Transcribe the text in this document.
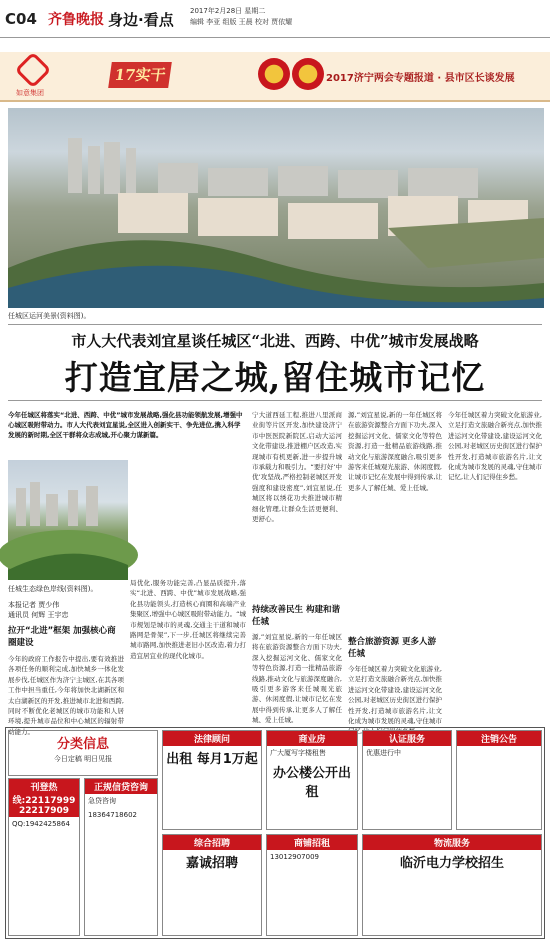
C04 齐鲁晚报 身边·看点 2017年2月28日 星期二
编辑 李亚 组版 王晨 校对 贾依耀
如意集团
17实干	2017济宁两会专题报道 · 县市区长谈发展
任城区运河美景(资料图)。
市人大代表刘宜星谈任城区“北进、西跨、中优”城市发展战略
打造宜居之城,留住城市记忆
今年任城区将落实“北进、西跨、中优”城市发展战略,强化县功能领航发展,增强中心城区吸附带动力。市人大代表刘宜星说,全区进入创新实干、争先进位,携入科学发展的新时期,全区干群将众志成城,开心聚力谋新篇。
任城生态绿色岸线(资料图)。
本报记者 贾少伟
通讯员 何辉 王宇忠
拉开“北进”框架 加强核心商圈建设
今年的政府工作报告中提出,要有效推进各项任务的顺利完成,加快城乡一体化发展步伐,任城区作为济宁主城区,在其各项工作中担当重任,今年将加快北湖新区和太白湖新区的开发,推进城市北进和西跨,同时不断优化老城区的城市功能和人居环境,提升城市品位和中心城区的辐射带动能力。
局优化,服务功能完善,凸显品质提升,落实“北进、西跨、中优”城市发展战略,强化县功能领头,打造核心商圈和高端产业集聚区,增强中心城区吸附带动能力。“城市规划是城市的灵魂,交通主干道和城市路网是骨架”,下一步,任城区将继续完善城市路网,加快推进老旧小区改造,着力打造宜居宜业的现代化城市。
宁大道西延工程,推进八里派商业街等片区开发,加快建设济宁市中医医院新院区,启动大运河文化带建设,推进棚户区改造,实现城市有机更新,进一步提升城市承载力和吸引力。“要打好‘中优’攻坚战,严格控制老城区开发强度和建设密度”,刘宜星说,任城区将以绣花功夫推进城市精细化管理,让群众生活更便利、更舒心。
持续改善民生 构建和谐任城
源,”刘宜星说,新的一年任城区将在旅游资源整合方面下功夫,深入挖掘运河文化、儒家文化等特色资源,打造一批精品旅游线路,推动文化与旅游深度融合,吸引更多游客来任城观光旅游、休闲度假,让城市记忆在发展中得到传承,让更多人了解任城、爱上任城。
源,”刘宜星说,新的一年任城区将在旅游资源整合方面下功夫,深入挖掘运河文化、儒家文化等特色资源,打造一批精品旅游线路,推动文化与旅游深度融合,吸引更多游客来任城观光旅游、休闲度假,让城市记忆在发展中得到传承,让更多人了解任城、爱上任城。
整合旅游资源 更多人游任城
今年任城区着力突破文化旅游业,立足打造文旅融合新亮点,加快推进运河文化带建设,建设运河文化公园,对老城区历史街区进行保护性开发,打造城市旅游名片,让文化成为城市发展的灵魂,守住城市 忆
今年任城区着力突破文化旅游业,立足打造文旅融合新亮点,加快推进运河文化带建设,建设运河文化公园,对老城区历史街区进行保护性开发,打造城市旅游名片,让文化成为城市发展的灵魂,守住城市记忆,让人们记得住乡愁。
分类信息
今日定稿 明日见报
刊登热线:22117999 22217909
QQ:1942425864
正规信贷咨询
急贷咨询
18364718602
法律顾问
出租 每月1万起
综合招聘
嘉诚招聘
商业房
广大厦写字楼租售
办公楼公开出租
商铺招租
13012907009
认证服务
优惠进行中
注销公告
物流服务
临沂电力学校招生
